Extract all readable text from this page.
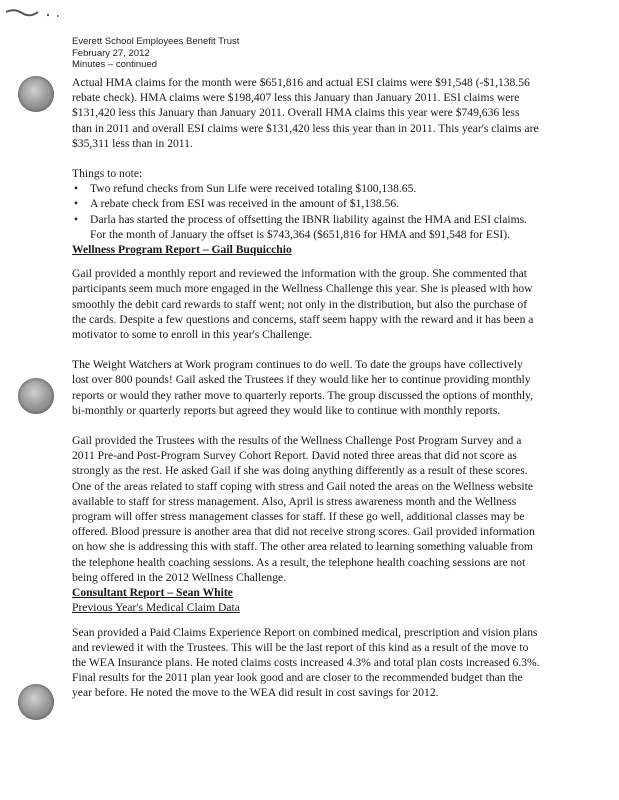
Everett School Employees Benefit Trust
February 27, 2012
Minutes – continued

Actual HMA claims for the month were $651,816 and actual ESI claims were $91,548 (-$1,138.56 rebate check). HMA claims were $198,407 less this January than January 2011. ESI claims were $131,420 less this January than January 2011. Overall HMA claims this year were $749,636 less than in 2011 and overall ESI claims were $131,420 less this year than in 2011. This year's claims are $35,311 less than in 2011.

Things to note:

• Two refund checks from Sun Life were received totaling $100,138.65.
• A rebate check from ESI was received in the amount of $1,138.56.
• Darla has started the process of offsetting the IBNR liability against the HMA and ESI claims. For the month of January the offset is $743,364 ($651,816 for HMA and $91,548 for ESI).

Wellness Program Report – Gail Buquicchio

Gail provided a monthly report and reviewed the information with the group. She commented that participants seem much more engaged in the Wellness Challenge this year. She is pleased with how smoothly the debit card rewards to staff went; not only in the distribution, but also the purchase of the cards. Despite a few questions and concerns, staff seem happy with the reward and it has been a motivator to some to enroll in this year's Challenge.

The Weight Watchers at Work program continues to do well. To date the groups have collectively lost over 800 pounds! Gail asked the Trustees if they would like her to continue providing monthly reports or would they rather move to quarterly reports. The group discussed the options of monthly, bi-monthly or quarterly reports but agreed they would like to continue with monthly reports.

Gail provided the Trustees with the results of the Wellness Challenge Post Program Survey and a 2011 Pre-and Post-Program Survey Cohort Report. David noted three areas that did not score as strongly as the rest. He asked Gail if she was doing anything differently as a result of these scores. One of the areas related to staff coping with stress and Gail noted the areas on the Wellness website available to staff for stress management. Also, April is stress awareness month and the Wellness program will offer stress management classes for staff. If these go well, additional classes may be offered. Blood pressure is another area that did not receive strong scores. Gail provided information on how she is addressing this with staff. The other area related to learning something valuable from the telephone health coaching sessions. As a result, the telephone health coaching sessions are not being offered in the 2012 Wellness Challenge.

Consultant Report – Sean White

Previous Year's Medical Claim Data

Sean provided a Paid Claims Experience Report on combined medical, prescription and vision plans and reviewed it with the Trustees. This will be the last report of this kind as a result of the move to the WEA Insurance plans. He noted claims costs increased 4.3% and total plan costs increased 6.3%. Final results for the 2011 plan year look good and are closer to the recommended budget than the year before. He noted the move to the WEA did result in cost savings for 2012.
